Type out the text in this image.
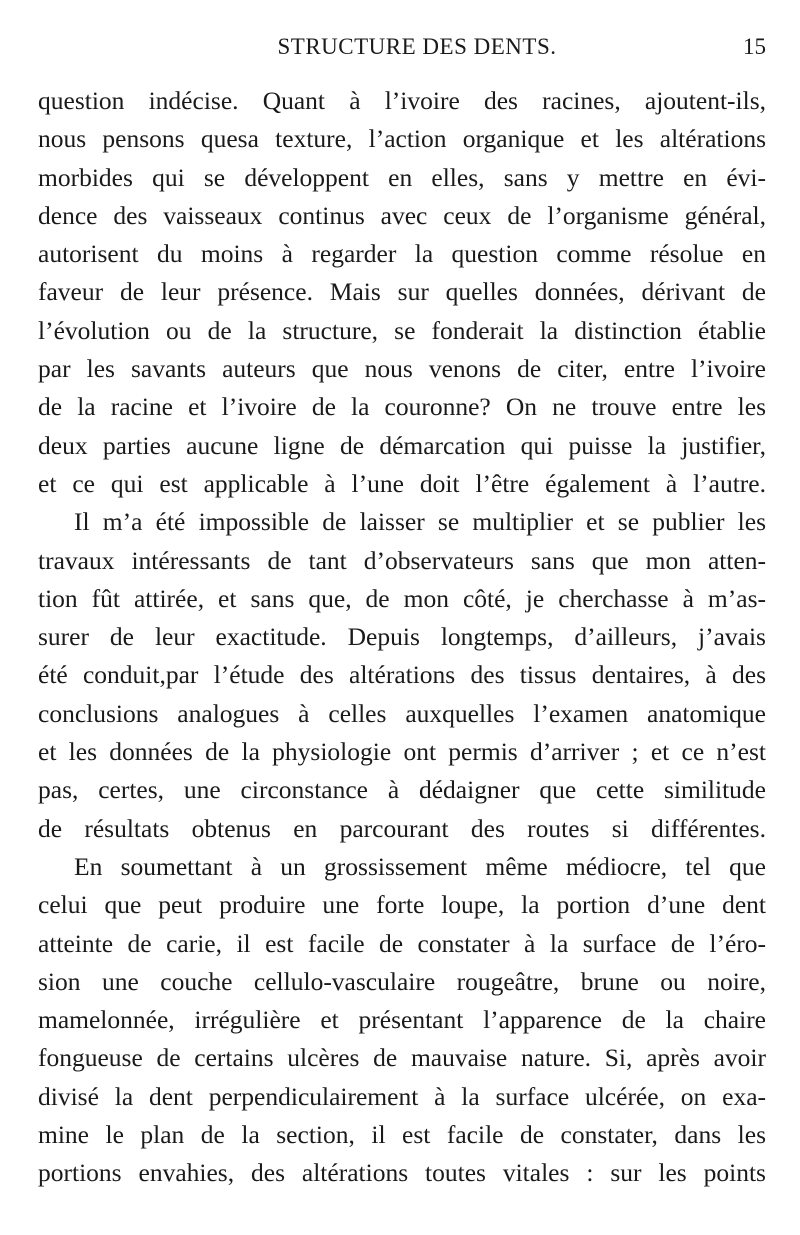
STRUCTURE DES DENTS.	15
question indécise. Quant à l’ivoire des racines, ajoutent-ils,
nous pensons quesa texture, l’action organique et les altérations
morbides qui se développent en elles, sans y mettre en évi-
dence des vaisseaux continus avec ceux de l’organisme général,
autorisent du moins à regarder la question comme résolue en
faveur de leur présence. Mais sur quelles données, dérivant de
l’évolution ou de la structure, se fonderait la distinction établie
par les savants auteurs que nous venons de citer, entre l’ivoire
de la racine et l’ivoire de la couronne? On ne trouve entre les
deux parties aucune ligne de démarcation qui puisse la justifier,
et ce qui est applicable à l’une doit l’être également à l’autre.
Il m’a été impossible de laisser se multiplier et se publier les
travaux intéressants de tant d’observateurs sans que mon atten-
tion fût attirée, et sans que, de mon côté, je cherchasse à m’as-
surer de leur exactitude. Depuis longtemps, d’ailleurs, j’avais
été conduit,par l’étude des altérations des tissus dentaires, à des
conclusions analogues à celles auxquelles l’examen anatomique
et les données de la physiologie ont permis d’arriver ; et ce n’est
pas, certes, une circonstance à dédaigner que cette similitude
de résultats obtenus en parcourant des routes si différentes.
En soumettant à un grossissement même médiocre, tel que
celui que peut produire une forte loupe, la portion d’une dent
atteinte de carie, il est facile de constater à la surface de l’éro-
sion une couche cellulo-vasculaire rougeâtre, brune ou noire,
mamelonnée, irrégulière et présentant l’apparence de la chaire
fongueuse de certains ulcères de mauvaise nature. Si, après avoir
divisé la dent perpendiculairement à la surface ulcérée, on exa-
mine le plan de la section, il est facile de constater, dans les
portions envahies, des altérations toutes vitales : sur les points
